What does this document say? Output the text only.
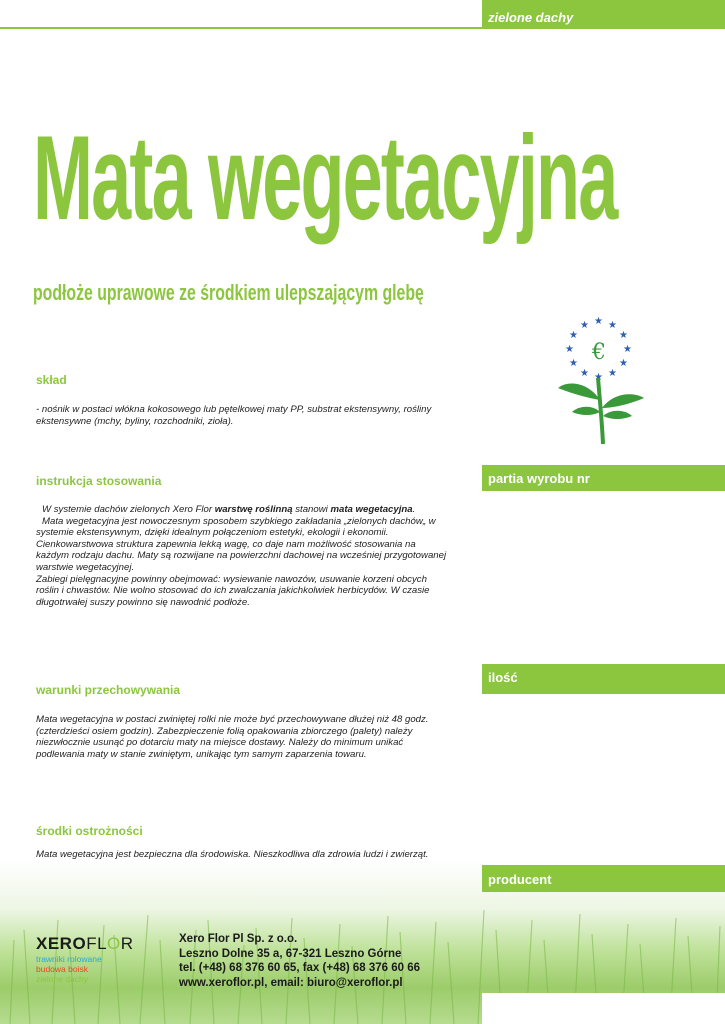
zielone dachy
Mata wegetacyjna
podłoże uprawowe ze środkiem ulepszającym glebę
★ ★
★
★
★
★
★
★
★
★
★
★
€
skład
- nośnik w postaci włókna kokosowego lub pętelkowej maty PP, substrat ekstensywny, rośliny ekstensywne (mchy, byliny, rozchodniki, zioła).
instrukcja stosowania
W systemie dachów zielonych Xero Flor warstwę roślinną stanowi mata wegetacyjna.
Mata wegetacyjna jest nowoczesnym sposobem szybkiego zakładania „zielonych dachów„ w systemie ekstensywnym, dzięki idealnym połączeniom estetyki, ekologii i ekonomii.
Cienkowarstwowa struktura zapewnia lekką wagę, co daje nam możliwość stosowania na każdym rodzaju dachu. Maty są rozwijane na powierzchni dachowej na wcześniej przygotowanej warstwie wegetacyjnej.
Zabiegi pielęgnacyjne powinny obejmować: wysiewanie nawozów, usuwanie korzeni obcych roślin i chwastów. Nie wolno stosować do ich zwalczania jakichkolwiek herbicydów. W czasie długotrwałej suszy powinno się nawodnić podłoże.
warunki przechowywania
Mata wegetacyjna w postaci zwiniętej rolki nie może być przechowywane dłużej niż 48 godz.(czterdzieści osiem godzin). Zabezpieczenie folią opakowania zbiorczego (palety) należy niezwłocznie usunąć po dotarciu maty na miejsce dostawy. Należy do minimum unikać podlewania maty w stanie zwiniętym, unikając tym samym zaparzenia towaru.
środki ostrożności
Mata wegetacyjna jest bezpieczna dla środowiska. Nieszkodliwa dla zdrowia ludzi i zwierząt.
partia wyrobu nr
ilość
producent
XEROFLOR
trawniki rolowane
budowa boisk
zielone dachy
Xero Flor Pl Sp. z o.o.
Leszno Dolne 35 a, 67-321 Leszno Górne
tel. (+48) 68 376 60 65, fax (+48) 68 376 60 66
www.xeroflor.pl, email: biuro@xeroflor.pl
